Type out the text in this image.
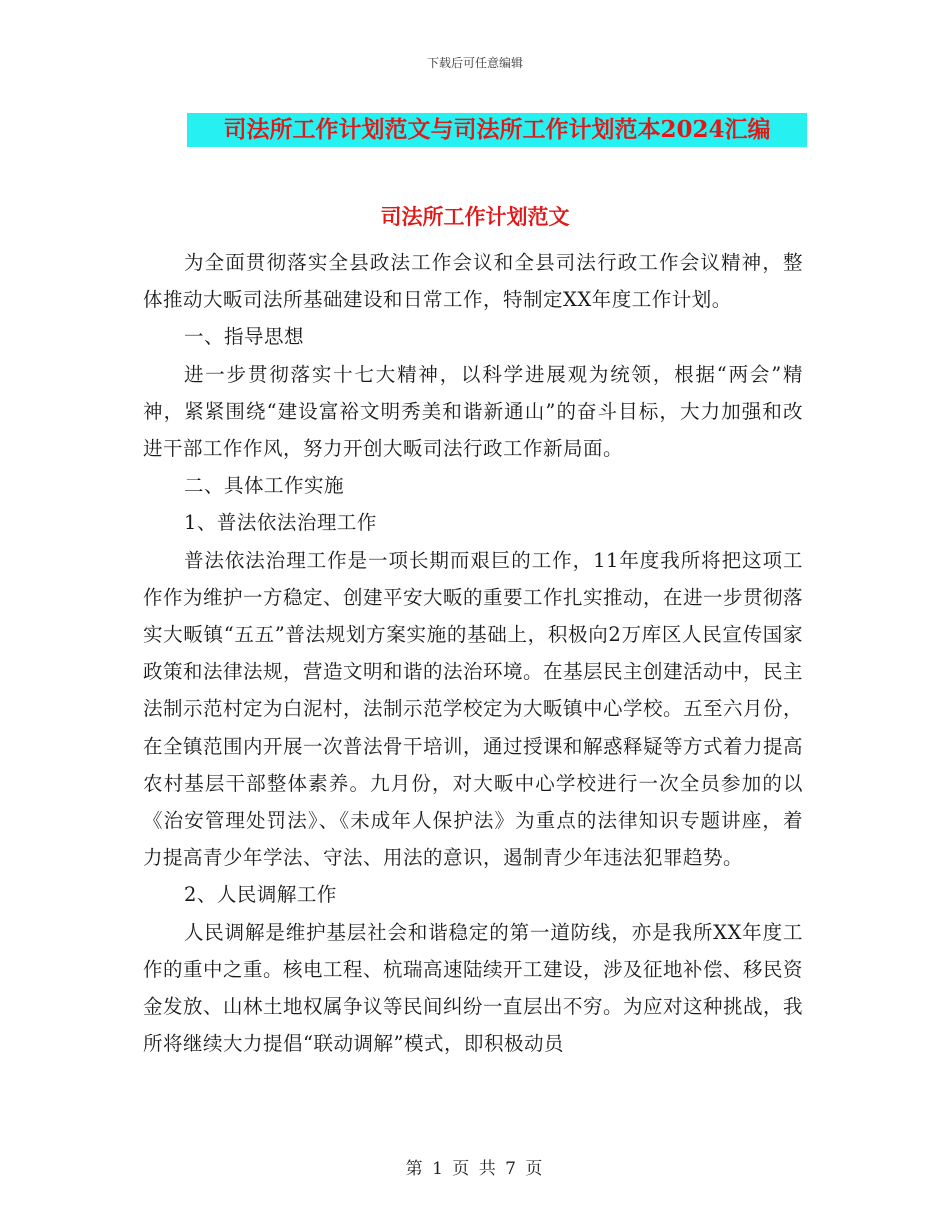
下载后可任意编辑
司法所工作计划范文与司法所工作计划范本2024汇编
司法所工作计划范文

为全面贯彻落实全县政法工作会议和全县司法行政工作会议精神，整体推动大畈司法所基础建设和日常工作，特制定XX年度工作计划。

一、指导思想

进一步贯彻落实十七大精神，以科学进展观为统领，根据“两会”精神，紧紧围绕“建设富裕文明秀美和谐新通山”的奋斗目标，大力加强和改进干部工作作风，努力开创大畈司法行政工作新局面。

二、具体工作实施

1、普法依法治理工作

普法依法治理工作是一项长期而艰巨的工作，11年度我所将把这项工作作为维护一方稳定、创建平安大畈的重要工作扎实推动，在进一步贯彻落实大畈镇“五五”普法规划方案实施的基础上，积极向2万库区人民宣传国家政策和法律法规，营造文明和谐的法治环境。在基层民主创建活动中，民主法制示范村定为白泥村，法制示范学校定为大畈镇中心学校。五至六月份，在全镇范围内开展一次普法骨干培训，通过授课和解惑释疑等方式着力提高农村基层干部整体素养。九月份，对大畈中心学校进行一次全员参加的以《治安管理处罚法》、《未成年人保护法》为重点的法律知识专题讲座，着力提高青少年学法、守法、用法的意识，遏制青少年违法犯罪趋势。

2、人民调解工作

人民调解是维护基层社会和谐稳定的第一道防线，亦是我所XX年度工作的重中之重。核电工程、杭瑞高速陆续开工建设，涉及征地补偿、移民资金发放、山林土地权属争议等民间纠纷一直层出不穷。为应对这种挑战，我所将继续大力提倡“联动调解”模式，即积极动员

第 1 页 共 7 页
